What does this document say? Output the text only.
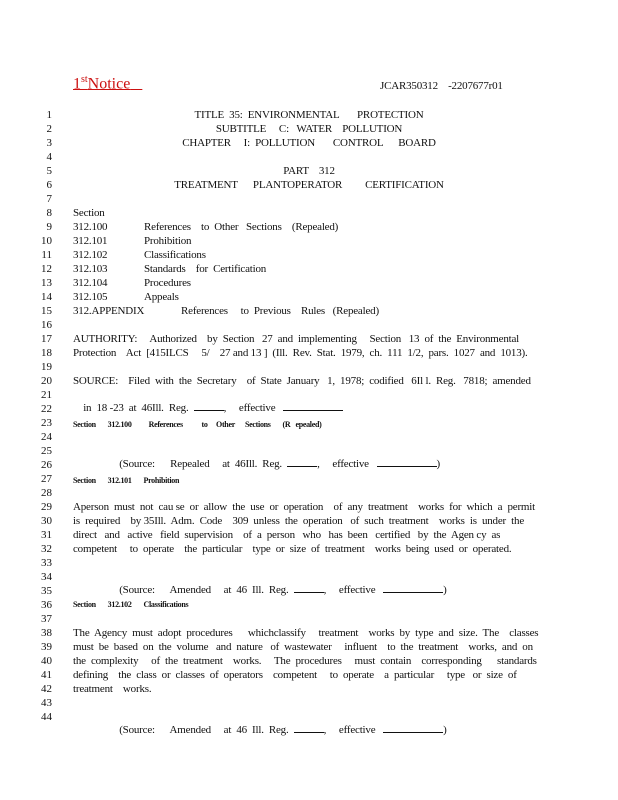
1stNotice	JCAR350312    -2207677r01
1
2
3
4
5
6
7
8
9
10
11
12
13
14
15
16
17
18
19
20
21
22
23
24
25
26
27
28
29
30
31
32
33
34
35
36
37
38
39
40
41
42
43
44
TITLE  35:  ENVIRONMENTAL       PROTECTION
SUBTITLE     C:   WATER    POLLUTION
CHAPTER     I:  POLLUTION       CONTROL      BOARD
PART    312
TREATMENT      PLANTOPERATOR         CERTIFICATION
Section
312.100	References    to  Other   Sections    (Repealed)
312.101	Prohibition
312.102	Classifications
312.103	Standards    for  Certification
312.104	Procedures
312.105	Appeals
312.APPENDIX	References     to  Previous    Rules   (Repealed)
AUTHORITY:     Authorized    by  Section   27  and  implementing     Section   13  of  the  Environmental
Protection    Act  [415ILCS     5/    27 and 13 ]  (Ill.  Rev.  Stat.  1979,  ch.  111  1/2,  pars.  1027  and  1013).
SOURCE:    Filed  with  the  Secretary    of  State  January   1,  1978;  codified   6Il l.  Reg.   7818;  amended

in  18 -23  at  46Ill.  Reg.	,     effective

Section       312.100          References           to     Other      Sections       (R   epealed)

(Source:      Repealed     at  46Ill.  Reg.	,     effective	)

Section       312.101       Prohibition
Aperson  must  not  cau se  or  allow  the  use  or  operation    of  any  treatment    works  for  which  a  permit
is  required    by 35Ill.  Adm.  Code    309  unless  the  operation   of  such  treatment    works  is  under  the
direct   and   active   field  supervision    of  a  person   who   has  been   certified   by  the  Agen cy  as
competent     to  operate    the  particular    type  or  size  of  treatment    works  being  used  or  operated.

(Source:      Amended     at  46  Ill.  Reg.	,     effective	)

Section       312.102       Classifications
The  Agency  must  adopt  procedures      whichclassify     treatment    works  by  type  and  size.  The    classes
must  be  based  on  the  volume   and  nature   of  wastewater     influent    to  the  treatment    works,  and  on
the  complexity     of  the  treatment    works.     The  procedures     must  contain    corresponding      standards
defining    the  class  or  classes  of  operators    competent     to  operate    a  particular     type   or  size  of
treatment    works.

(Source:      Amended     at  46  Ill.  Reg.	,     effective	)
